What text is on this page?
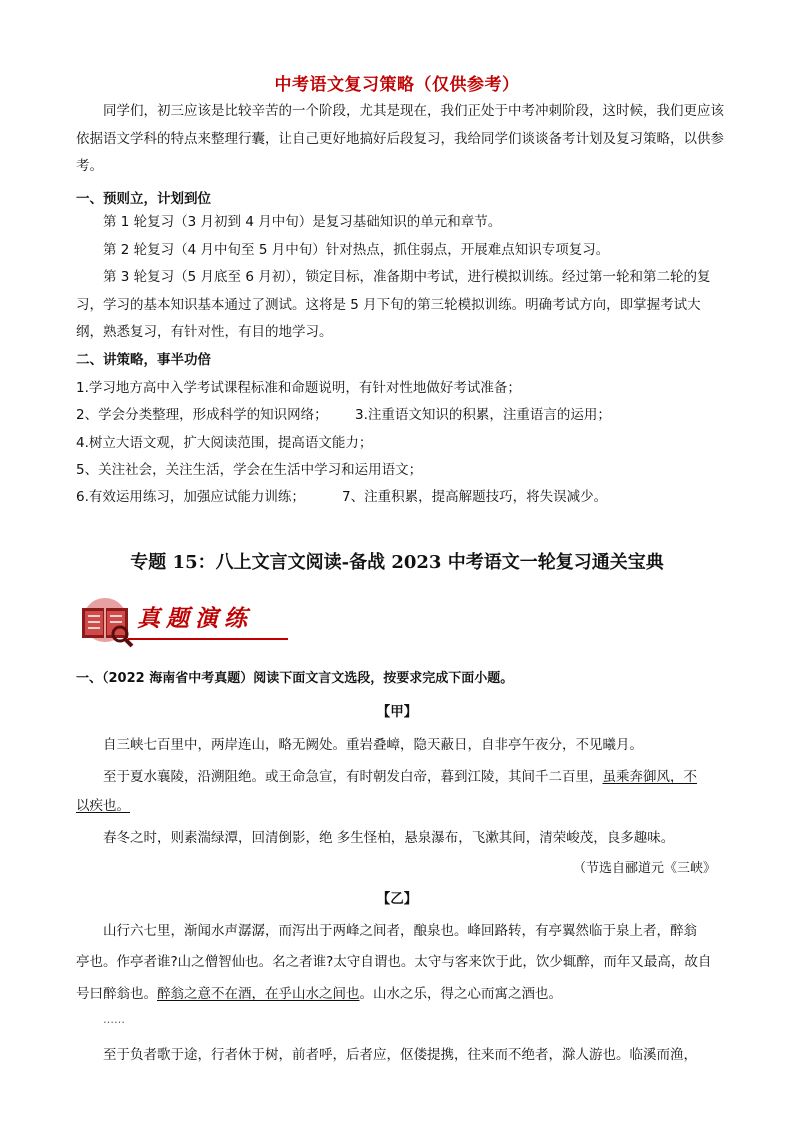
中考语文复习策略（仅供参考）
同学们，初三应该是比较辛苦的一个阶段，尤其是现在，我们正处于中考冲刺阶段，这时候，我们更应该依据语文学科的特点来整理行囊，让自己更好地搞好后段复习，我给同学们谈谈备考计划及复习策略，以供参考。
一、预则立，计划到位
第 1 轮复习（3 月初到 4 月中旬）是复习基础知识的单元和章节。
第 2 轮复习（4 月中旬至 5 月中旬）针对热点，抓住弱点，开展难点知识专项复习。
第 3 轮复习（5 月底至 6 月初），锁定目标，准备期中考试，进行模拟训练。经过第一轮和第二轮的复习，学习的基本知识基本通过了测试。这将是 5 月下旬的第三轮模拟训练。明确考试方向，即掌握考试大纲，熟悉复习，有针对性，有目的地学习。
二、讲策略，事半功倍
1.学习地方高中入学考试课程标准和命题说明，有针对性地做好考试准备；
2、学会分类整理，形成科学的知识网络； 3.注重语文知识的积累，注重语言的运用；
4.树立大语文观，扩大阅读范围，提高语文能力；
5、关注社会，关注生活，学会在生活中学习和运用语文；
6.有效运用练习，加强应试能力训练；	7、注重积累，提高解题技巧，将失误减少。
专题 15：八上文言文阅读-备战 2023 中考语文一轮复习通关宝典
真题演练
一、（2022 海南省中考真题）阅读下面文言文选段，按要求完成下面小题。
【甲】
自三峡七百里中，两岸连山，略无阙处。重岩叠嶂，隐天蔽日，自非亭午夜分，不见曦月。
至于夏水襄陵，沿溯阻绝。或王命急宣，有时朝发白帝，暮到江陵，其间千二百里，虽乘奔御风，不
以疾也。
春冬之时，则素湍绿潭，回清倒影，绝 多生怪柏，悬泉瀑布，飞漱其间，清荣峻茂，良多趣味。
（节选自郦道元《三峡》
【乙】
山行六七里，渐闻水声潺潺，而泻出于两峰之间者，酿泉也。峰回路转，有亭翼然临于泉上者，醉翁
亭也。作亭者谁?山之僧智仙也。名之者谁?太守自谓也。太守与客来饮于此，饮少辄醉，而年又最高，故自
号曰醉翁也。醉翁之意不在酒，在乎山水之间也。山水之乐，得之心而寓之酒也。
……
至于负者歌于途，行者休于树，前者呼，后者应，伛偻提携，往来而不绝者，滁人游也。临溪而渔，
